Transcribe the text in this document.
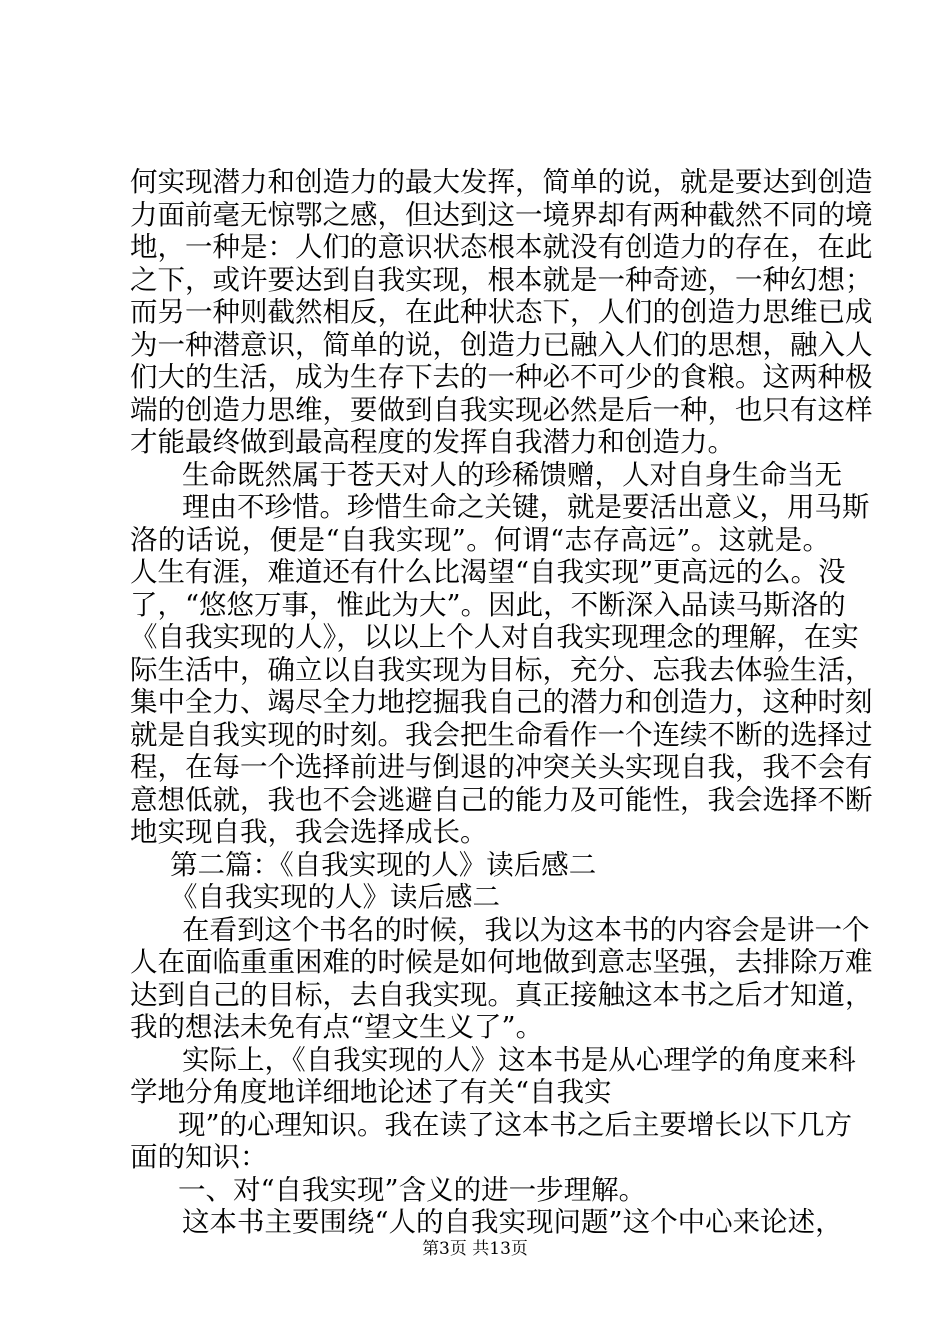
何实现潜力和创造力的最大发挥，简单的说，就是要达到创造
力面前毫无惊鄂之感，但达到这一境界却有两种截然不同的境
地，一种是：人们的意识状态根本就没有创造力的存在，在此
之下，或许要达到自我实现，根本就是一种奇迹，一种幻想；
而另一种则截然相反，在此种状态下，人们的创造力思维已成
为一种潜意识，简单的说，创造力已融入人们的思想，融入人
们大的生活，成为生存下去的一种必不可少的食粮。这两种极
端的创造力思维，要做到自我实现必然是后一种，也只有这样
才能最终做到最高程度的发挥自我潜力和创造力。
生命既然属于苍天对人的珍稀馈赠，人对自身生命当无
理由不珍惜。珍惜生命之关键，就是要活出意义，用马斯
洛的话说，便是“自我实现”。何谓“志存高远”。这就是。
人生有涯，难道还有什么比渴望“自我实现”更高远的么。没
了，“悠悠万事，惟此为大”。因此，不断深入品读马斯洛的
《自我实现的人》，以以上个人对自我实现理念的理解，在实
际生活中，确立以自我实现为目标，充分、忘我去体验生活，
集中全力、竭尽全力地挖掘我自己的潜力和创造力，这种时刻
就是自我实现的时刻。我会把生命看作一个连续不断的选择过
程，在每一个选择前进与倒退的冲突关头实现自我，我不会有
意想低就，我也不会逃避自己的能力及可能性，我会选择不断
地实现自我，我会选择成长。
第二篇：《自我实现的人》读后感二
《自我实现的人》读后感二
在看到这个书名的时候，我以为这本书的内容会是讲一个
人在面临重重困难的时候是如何地做到意志坚强，去排除万难
达到自己的目标，去自我实现。真正接触这本书之后才知道，
我的想法未免有点“望文生义了”。
实际上，《自我实现的人》这本书是从心理学的角度来科
学地分角度地详细地论述了有关“自我实
现”的心理知识。我在读了这本书之后主要增长以下几方
面的知识：
一、对“自我实现”含义的进一步理解。
这本书主要围绕“人的自我实现问题”这个中心来论述，
第3页 共13页
